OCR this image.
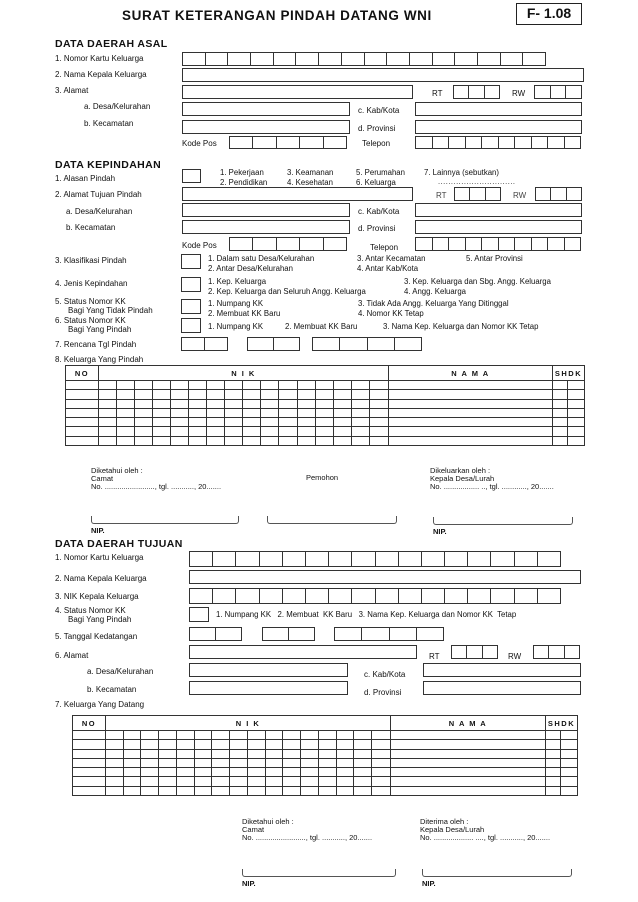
SURAT KETERANGAN PINDAH DATANG WNI	F- 1.08
DATA DAERAH ASAL
1. Nomor Kartu Keluarga
2. Nama Kepala Keluarga
3. Alamat	RT	RW
a. Desa/Kelurahan	c. Kab/Kota
b. Kecamatan
d. Provinsi
Kode Pos	Telepon
DATA KEPINDAHAN
1. Alasan Pindah
1. Pekerjaan
2. Pendidikan
3. Keamanan
4. Kesehatan
5. Perumahan
6. Keluarga
7. Lainnya (sebutkan)
..............................
2. Alamat Tujuan Pindah	RT	RW
a. Desa/Kelurahan	c. Kab/Kota
b. Kecamatan	d. Provinsi
Kode Pos	Telepon
3. Klasifikasi Pindah	1. Dalam satu Desa/Kelurahan
2. Antar Desa/Kelurahan
3. Antar Kecamatan
4. Antar Kab/Kota
5. Antar Provinsi
4. Jenis Kepindahan	1. Kep. Keluarga
2. Kep. Keluarga dan Seluruh Angg. Keluarga
3. Kep. Keluarga dan Sbg. Angg. Keluarga
4. Angg. Keluarga
5. Status Nomor KK
Bagi Yang Tidak Pindah
1. Numpang KK
2. Membuat KK Baru
3. Tidak Ada Angg. Keluarga Yang Ditinggal
4. Nomor KK Tetap
6. Status Nomor KK
Bagi Yang Pindah	1. Numpang KK	2. Membuat KK Baru	3. Nama Kep. Keluarga dan Nomor KK Tetap
7. Rencana Tgl Pindah
8. Keluarga Yang Pindah
NO	N I K																N A M A	SHDK	

Diketahui oleh :
Camat
No. ........................, tgl. ..........., 20.......
NIP.
Pemohon
Dikeluarkan oleh :
Kepala Desa/Lurah
No. ................. .., tgl. ............, 20.......
NIP.
DATA DAERAH TUJUAN
1. Nomor Kartu Keluarga
2. Nama Kepala Keluarga
3. NIK Kepala Keluarga
4. Status Nomor KK
Bagi Yang Pindah
1. Numpang KK   2. Membuat  KK Baru   3. Nama Kep. Keluarga dan Nomor KK  Tetap
5. Tanggal Kedatangan
6. Alamat	RT	RW
a. Desa/Kelurahan	c. Kab/Kota
b. Kecamatan	d. Provinsi
7. Keluarga Yang Datang
NO	N I K																N A M A	SHDK	

Diketahui oleh :
Camat
No. ........................, tgl. ..........., 20.......
NIP.
Diterima oleh :
Kepala Desa/Lurah
No. ................... ...., tgl. ..........., 20.......
NIP.
